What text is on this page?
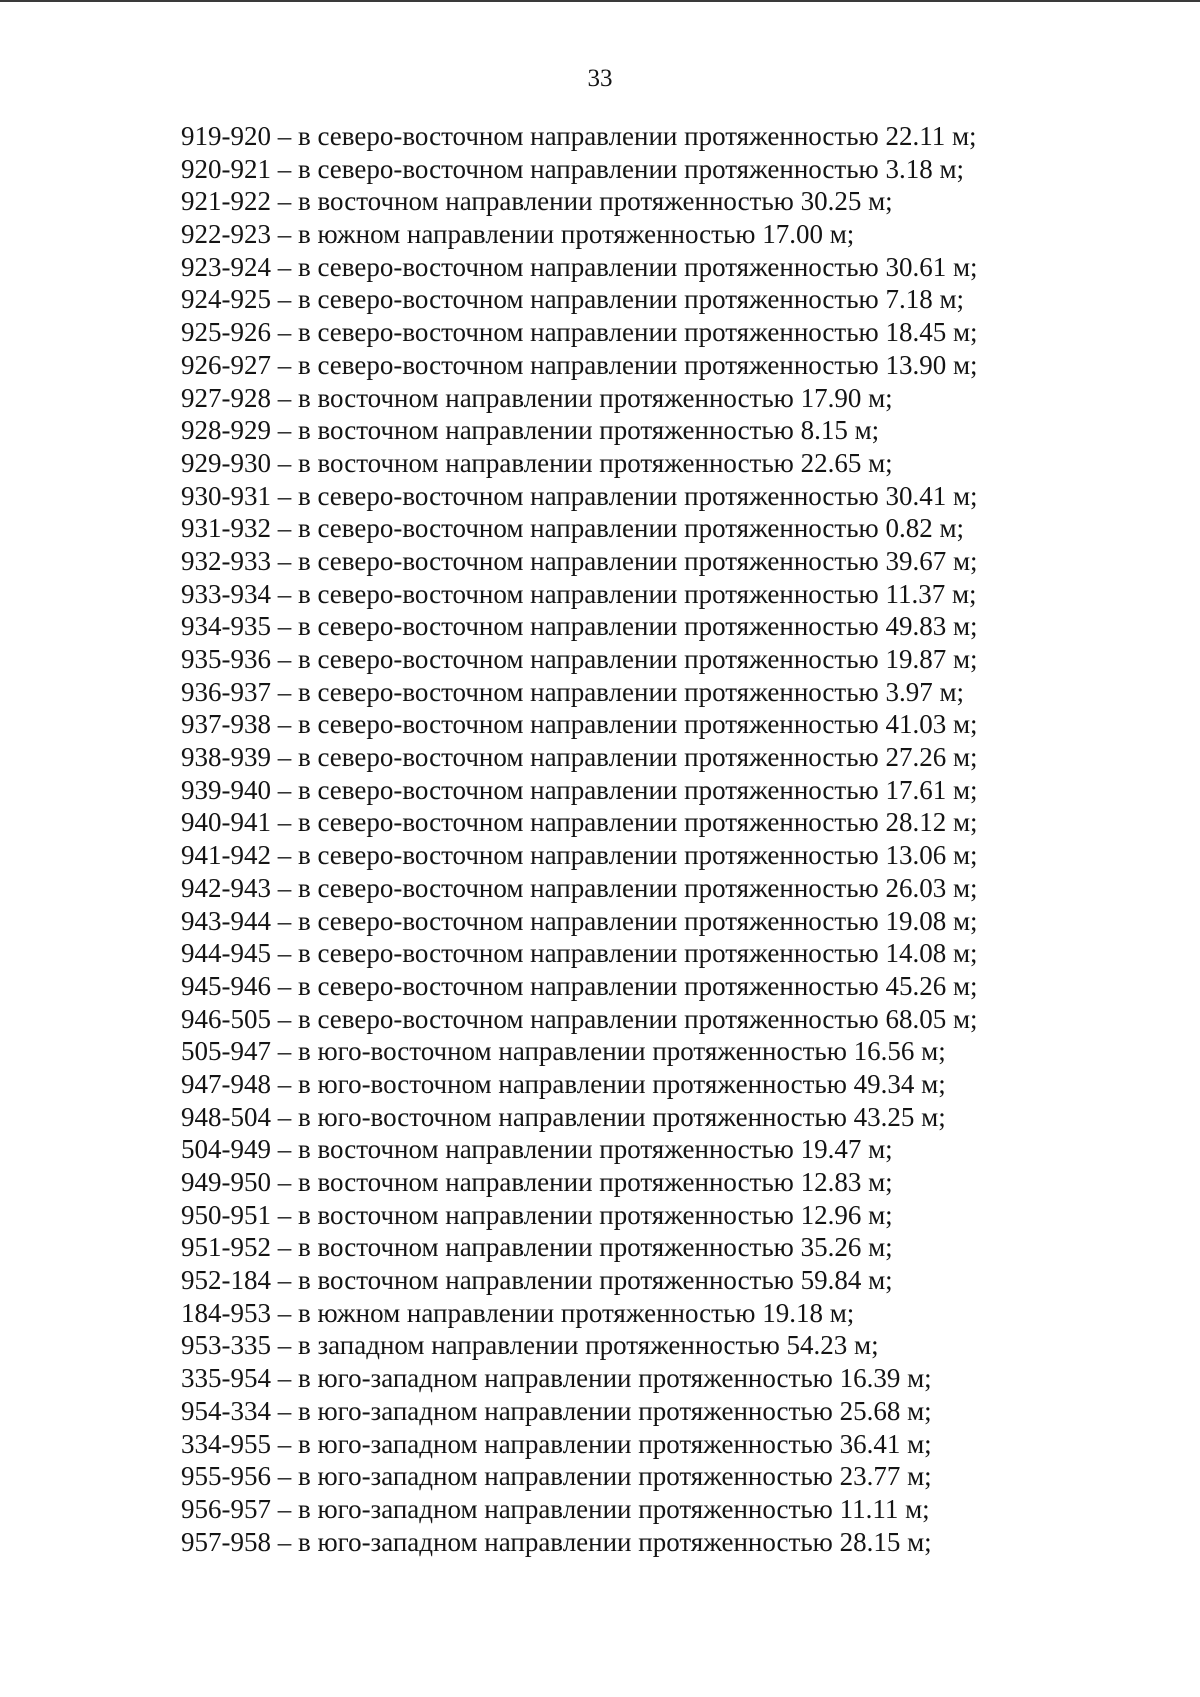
33
919-920 – в северо-восточном направлении протяженностью 22.11 м;
920-921 – в северо-восточном направлении протяженностью 3.18 м;
921-922 – в восточном направлении протяженностью 30.25 м;
922-923 – в южном направлении протяженностью 17.00 м;
923-924 – в северо-восточном направлении протяженностью 30.61 м;
924-925 – в северо-восточном направлении протяженностью 7.18 м;
925-926 – в северо-восточном направлении протяженностью 18.45 м;
926-927 – в северо-восточном направлении протяженностью 13.90 м;
927-928 – в восточном направлении протяженностью 17.90 м;
928-929 – в восточном направлении протяженностью 8.15 м;
929-930 – в восточном направлении протяженностью 22.65 м;
930-931 – в северо-восточном направлении протяженностью 30.41 м;
931-932 – в северо-восточном направлении протяженностью 0.82 м;
932-933 – в северо-восточном направлении протяженностью 39.67 м;
933-934 – в северо-восточном направлении протяженностью 11.37 м;
934-935 – в северо-восточном направлении протяженностью 49.83 м;
935-936 – в северо-восточном направлении протяженностью 19.87 м;
936-937 – в северо-восточном направлении протяженностью 3.97 м;
937-938 – в северо-восточном направлении протяженностью 41.03 м;
938-939 – в северо-восточном направлении протяженностью 27.26 м;
939-940 – в северо-восточном направлении протяженностью 17.61 м;
940-941 – в северо-восточном направлении протяженностью 28.12 м;
941-942 – в северо-восточном направлении протяженностью 13.06 м;
942-943 – в северо-восточном направлении протяженностью 26.03 м;
943-944 – в северо-восточном направлении протяженностью 19.08 м;
944-945 – в северо-восточном направлении протяженностью 14.08 м;
945-946 – в северо-восточном направлении протяженностью 45.26 м;
946-505 – в северо-восточном направлении протяженностью 68.05 м;
505-947 – в юго-восточном направлении протяженностью 16.56 м;
947-948 – в юго-восточном направлении протяженностью 49.34 м;
948-504 – в юго-восточном направлении протяженностью 43.25 м;
504-949 – в восточном направлении протяженностью 19.47 м;
949-950 – в восточном направлении протяженностью 12.83 м;
950-951 – в восточном направлении протяженностью 12.96 м;
951-952 – в восточном направлении протяженностью 35.26 м;
952-184 – в восточном направлении протяженностью 59.84 м;
184-953 – в южном направлении протяженностью 19.18 м;
953-335 – в западном направлении протяженностью 54.23 м;
335-954 – в юго-западном направлении протяженностью 16.39 м;
954-334 – в юго-западном направлении протяженностью 25.68 м;
334-955 – в юго-западном направлении протяженностью 36.41 м;
955-956 – в юго-западном направлении протяженностью 23.77 м;
956-957 – в юго-западном направлении протяженностью 11.11 м;
957-958 – в юго-западном направлении протяженностью 28.15 м;
